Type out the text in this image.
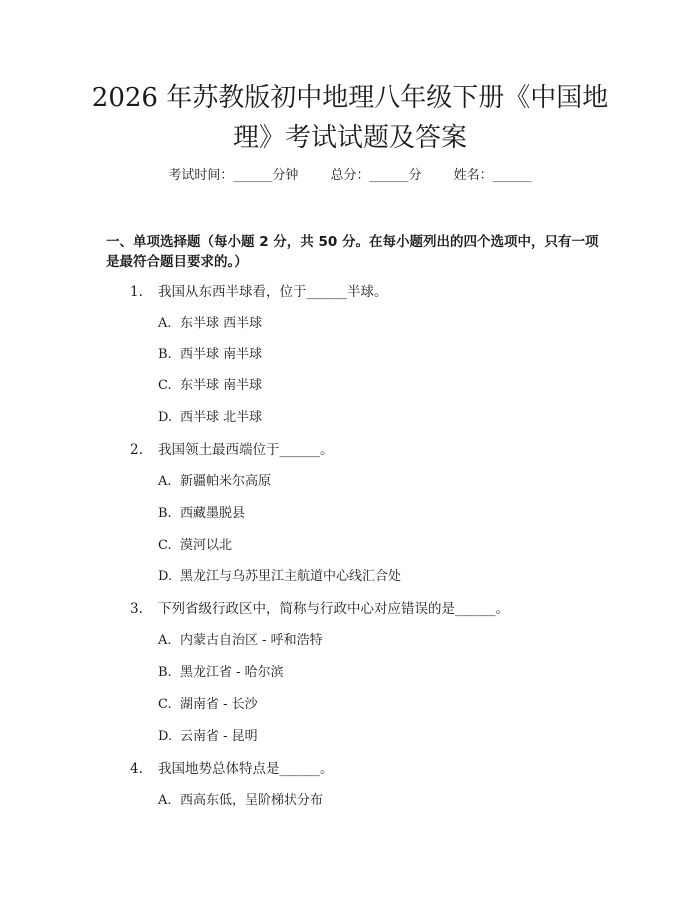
2026 年苏教版初中地理八年级下册《中国地
理》考试试题及答案
考试时间：______分钟 总分：______分 姓名：______
一、单项选择题（每小题 2 分，共 50 分。在每小题列出的四个选项中，只有一项
是最符合题目要求的。）
1. 我国从东西半球看，位于______半球。
A. 东半球 西半球
B. 西半球 南半球
C. 东半球 南半球
D. 西半球 北半球
2. 我国领土最西端位于______。
A. 新疆帕米尔高原
B. 西藏墨脱县
C. 漠河以北
D. 黑龙江与乌苏里江主航道中心线汇合处
3. 下列省级行政区中，简称与行政中心对应错误的是______。
A. 内蒙古自治区 - 呼和浩特
B. 黑龙江省 - 哈尔滨
C. 湖南省 - 长沙
D. 云南省 - 昆明
4. 我国地势总体特点是______。
A. 西高东低，呈阶梯状分布
